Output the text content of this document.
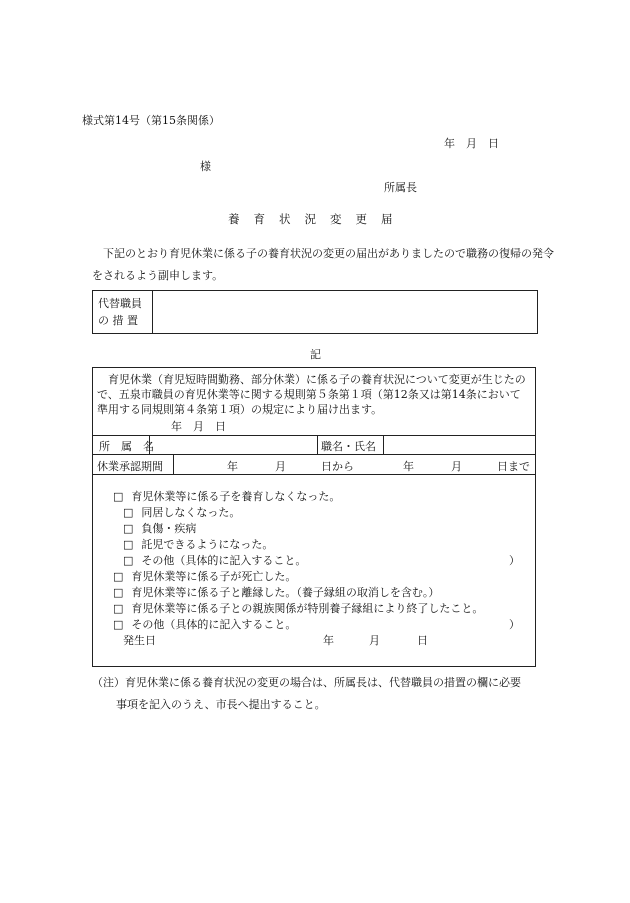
様式第14号（第15条関係）
年　月　日
様
所属長
養育状況変更届
下記のとおり育児休業に係る子の養育状況の変更の届出がありましたので職務の復帰の発令をされるよう副申します。
代替職員
の 措 置
記
育児休業（育児短時間勤務、部分休業）に係る子の養育状況について変更が生じたので、五泉市職員の育児休業等に関する規則第５条第１項（第12条又は第14条において準用する同規則第４条第１項）の規定により届け出ます。
年　月　日
所　属　名	職名・氏名
休業承認期間	年	月	日から	年	月	日まで
□ 育児休業等に係る子を養育しなくなった。
□ 同居しなくなった。
□ 負傷・疾病
□ 託児できるようになった。
□ その他（具体的に記入すること。	）
□ 育児休業等に係る子が死亡した。
□ 育児休業等に係る子と離縁した。（養子縁組の取消しを含む。）
□ 育児休業等に係る子との親族関係が特別養子縁組により終了したこと。
□ その他（具体的に記入すること。	）
発生日	年	月	日
（注）育児休業に係る養育状況の変更の場合は、所属長は、代替職員の措置の欄に必要
事項を記入のうえ、市長へ提出すること。
